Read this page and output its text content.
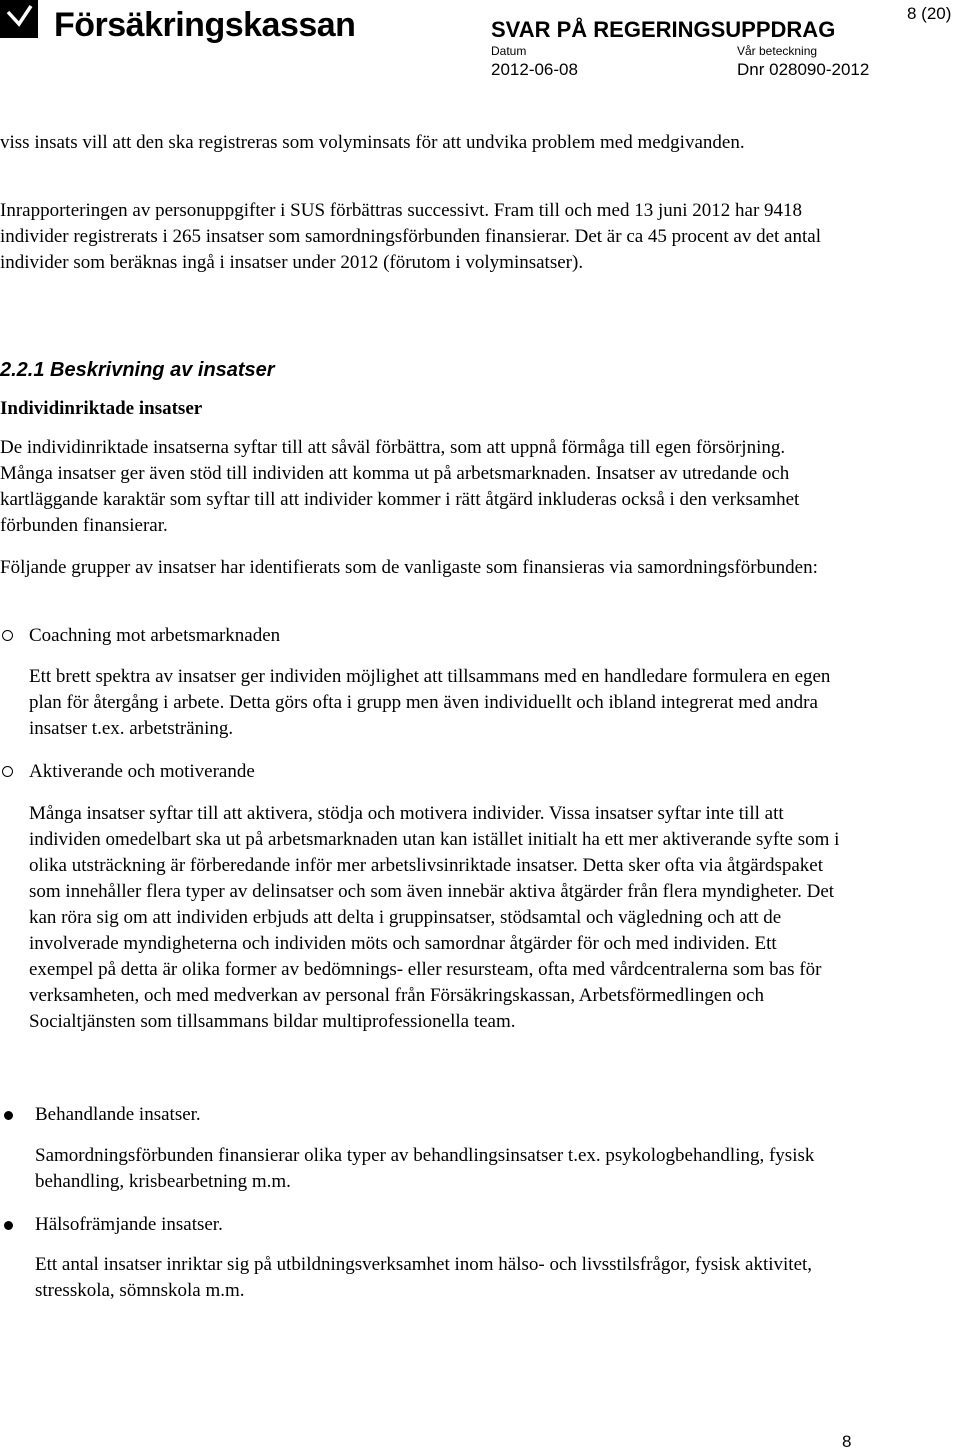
Försäkringskassan	SVAR PÅ REGERINGSUPPDRAG
Datum
2012-06-08
Vår beteckning
Dnr 028090-2012
8 (20)

viss insats vill att den ska registreras som volyminsats för att undvika problem med medgivanden.

Inrapporteringen av personuppgifter i SUS förbättras successivt. Fram till och med 13 juni 2012 har 9418 individer registrerats i 265 insatser som samordningsförbunden finansierar. Det är ca 45 procent av det antal individer som beräknas ingå i insatser under 2012 (förutom i volyminsatser).

2.2.1 Beskrivning av insatser
Individinriktade insatser

De individinriktade insatserna syftar till att såväl förbättra, som att uppnå förmåga till egen försörjning. Många insatser ger även stöd till individen att komma ut på arbetsmarknaden. Insatser av utredande och kartläggande karaktär som syftar till att individer kommer i rätt åtgärd inkluderas också i den verksamhet förbunden finansierar.

Följande grupper av insatser har identifierats som de vanligaste som finansieras via samordningsförbunden:

Coachning mot arbetsmarknaden

Ett brett spektra av insatser ger individen möjlighet att tillsammans med en handledare formulera en egen plan för återgång i arbete. Detta görs ofta i grupp men även individuellt och ibland integrerat med andra insatser t.ex. arbetsträning.

Aktiverande och motiverande

Många insatser syftar till att aktivera, stödja och motivera individer. Vissa insatser syftar inte till att individen omedelbart ska ut på arbetsmarknaden utan kan istället initialt ha ett mer aktiverande syfte som i olika utsträckning är förberedande inför mer arbetslivsinriktade insatser. Detta sker ofta via åtgärdspaket som innehåller flera typer av delinsatser och som även innebär aktiva åtgärder från flera myndigheter. Det kan röra sig om att individen erbjuds att delta i gruppinsatser, stödsamtal och vägledning och att de involverade myndigheterna och individen möts och samordnar åtgärder för och med individen. Ett exempel på detta är olika former av bedömnings- eller resursteam, ofta med vårdcentralerna som bas för verksamheten, och med medverkan av personal från Försäkringskassan, Arbetsförmedlingen och Socialtjänsten som tillsammans bildar multiprofessionella team.

Behandlande insatser.

Samordningsförbunden finansierar olika typer av behandlingsinsatser t.ex. psykologbehandling, fysisk behandling, krisbearbetning m.m.

Hälsofrämjande insatser.

Ett antal insatser inriktar sig på utbildningsverksamhet inom hälso- och livsstilsfrågor, fysisk aktivitet, stresskola, sömnskola m.m.

8
